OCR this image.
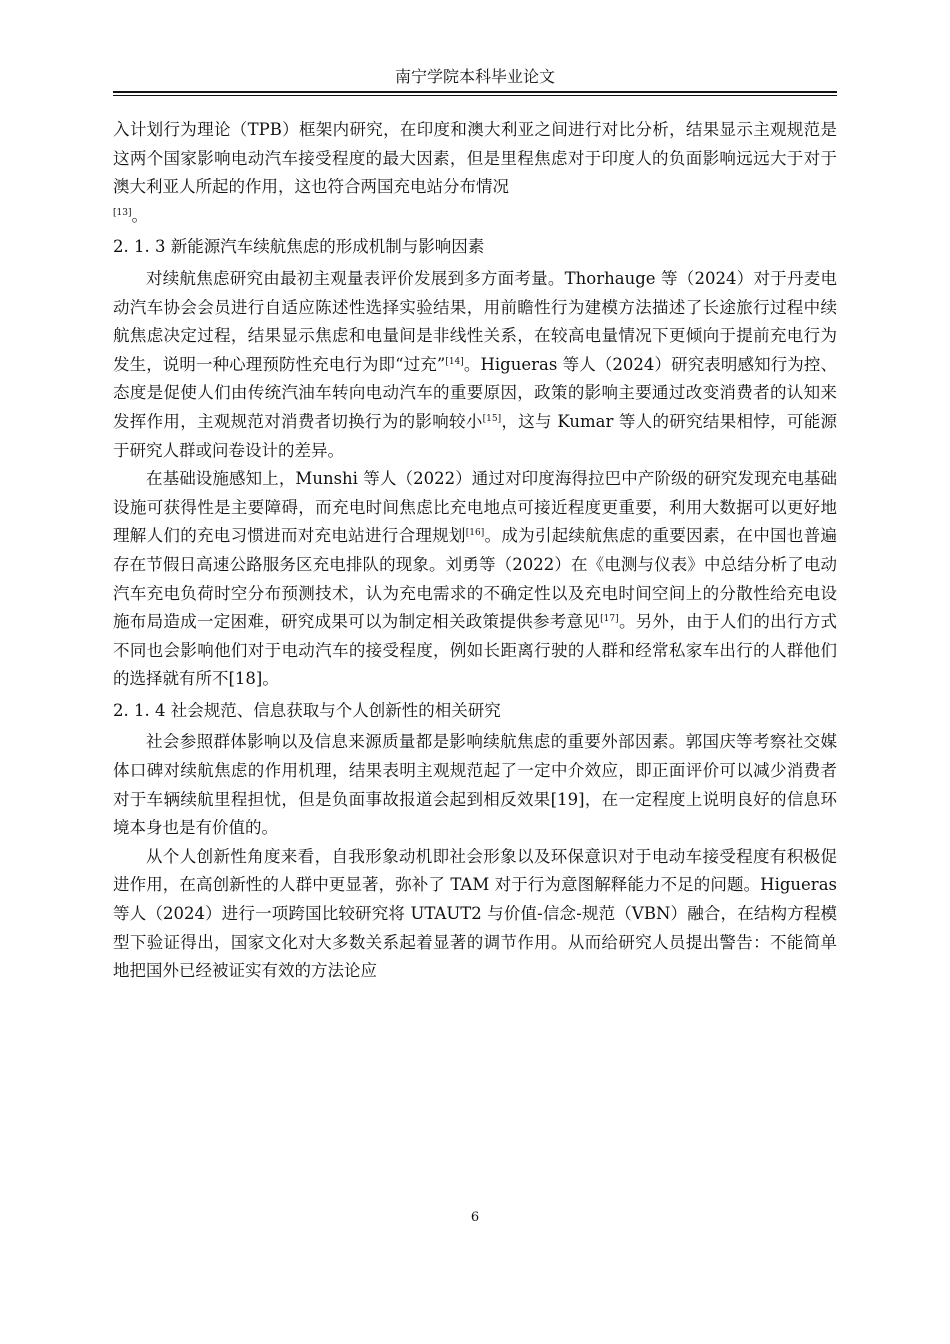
南宁学院本科毕业论文

入计划行为理论（TPB）框架内研究，在印度和澳大利亚之间进行对比分析，结果显示主观规范是这两个国家影响电动汽车接受程度的最大因素，但是里程焦虑对于印度人的负面影响远远大于对于澳大利亚人所起的作用，这也符合两国充电站分布情况
[13]。

2. 1. 3 新能源汽车续航焦虑的形成机制与影响因素

对续航焦虑研究由最初主观量表评价发展到多方面考量。Thorhauge 等（2024）对于丹麦电动汽车协会会员进行自适应陈述性选择实验结果，用前瞻性行为建模方法描述了长途旅行过程中续航焦虑决定过程，结果显示焦虑和电量间是非线性关系，在较高电量情况下更倾向于提前充电行为发生，说明一种心理预防性充电行为即“过充”[14]。Higueras 等人（2024）研究表明感知行为控、态度是促使人们由传统汽油车转向电动汽车的重要原因，政策的影响主要通过改变消费者的认知来发挥作用，主观规范对消费者切换行为的影响较小[15]，这与 Kumar 等人的研究结果相悖，可能源于研究人群或问卷设计的差异。

在基础设施感知上，Munshi 等人（2022）通过对印度海得拉巴中产阶级的研究发现充电基础设施可获得性是主要障碍，而充电时间焦虑比充电地点可接近程度更重要，利用大数据可以更好地理解人们的充电习惯进而对充电站进行合理规划[16]。成为引起续航焦虑的重要因素，在中国也普遍存在节假日高速公路服务区充电排队的现象。刘勇等（2022）在《电测与仪表》中总结分析了电动汽车充电负荷时空分布预测技术，认为充电需求的不确定性以及充电时间空间上的分散性给充电设施布局造成一定困难，研究成果可以为制定相关政策提供参考意见[17]。另外，由于人们的出行方式不同也会影响他们对于电动汽车的接受程度，例如长距离行驶的人群和经常私家车出行的人群他们的选择就有所不[18]。

2. 1. 4 社会规范、信息获取与个人创新性的相关研究

社会参照群体影响以及信息来源质量都是影响续航焦虑的重要外部因素。郭国庆等考察社交媒体口碑对续航焦虑的作用机理，结果表明主观规范起了一定中介效应，即正面评价可以减少消费者对于车辆续航里程担忧，但是负面事故报道会起到相反效果[19]，在一定程度上说明良好的信息环境本身也是有价值的。

从个人创新性角度来看，自我形象动机即社会形象以及环保意识对于电动车接受程度有积极促进作用，在高创新性的人群中更显著，弥补了 TAM 对于行为意图解释能力不足的问题。Higueras 等人（2024）进行一项跨国比较研究将 UTAUT2 与价值-信念-规范（VBN）融合，在结构方程模型下验证得出，国家文化对大多数关系起着显著的调节作用。从而给研究人员提出警告：不能简单地把国外已经被证实有效的方法论应

6
